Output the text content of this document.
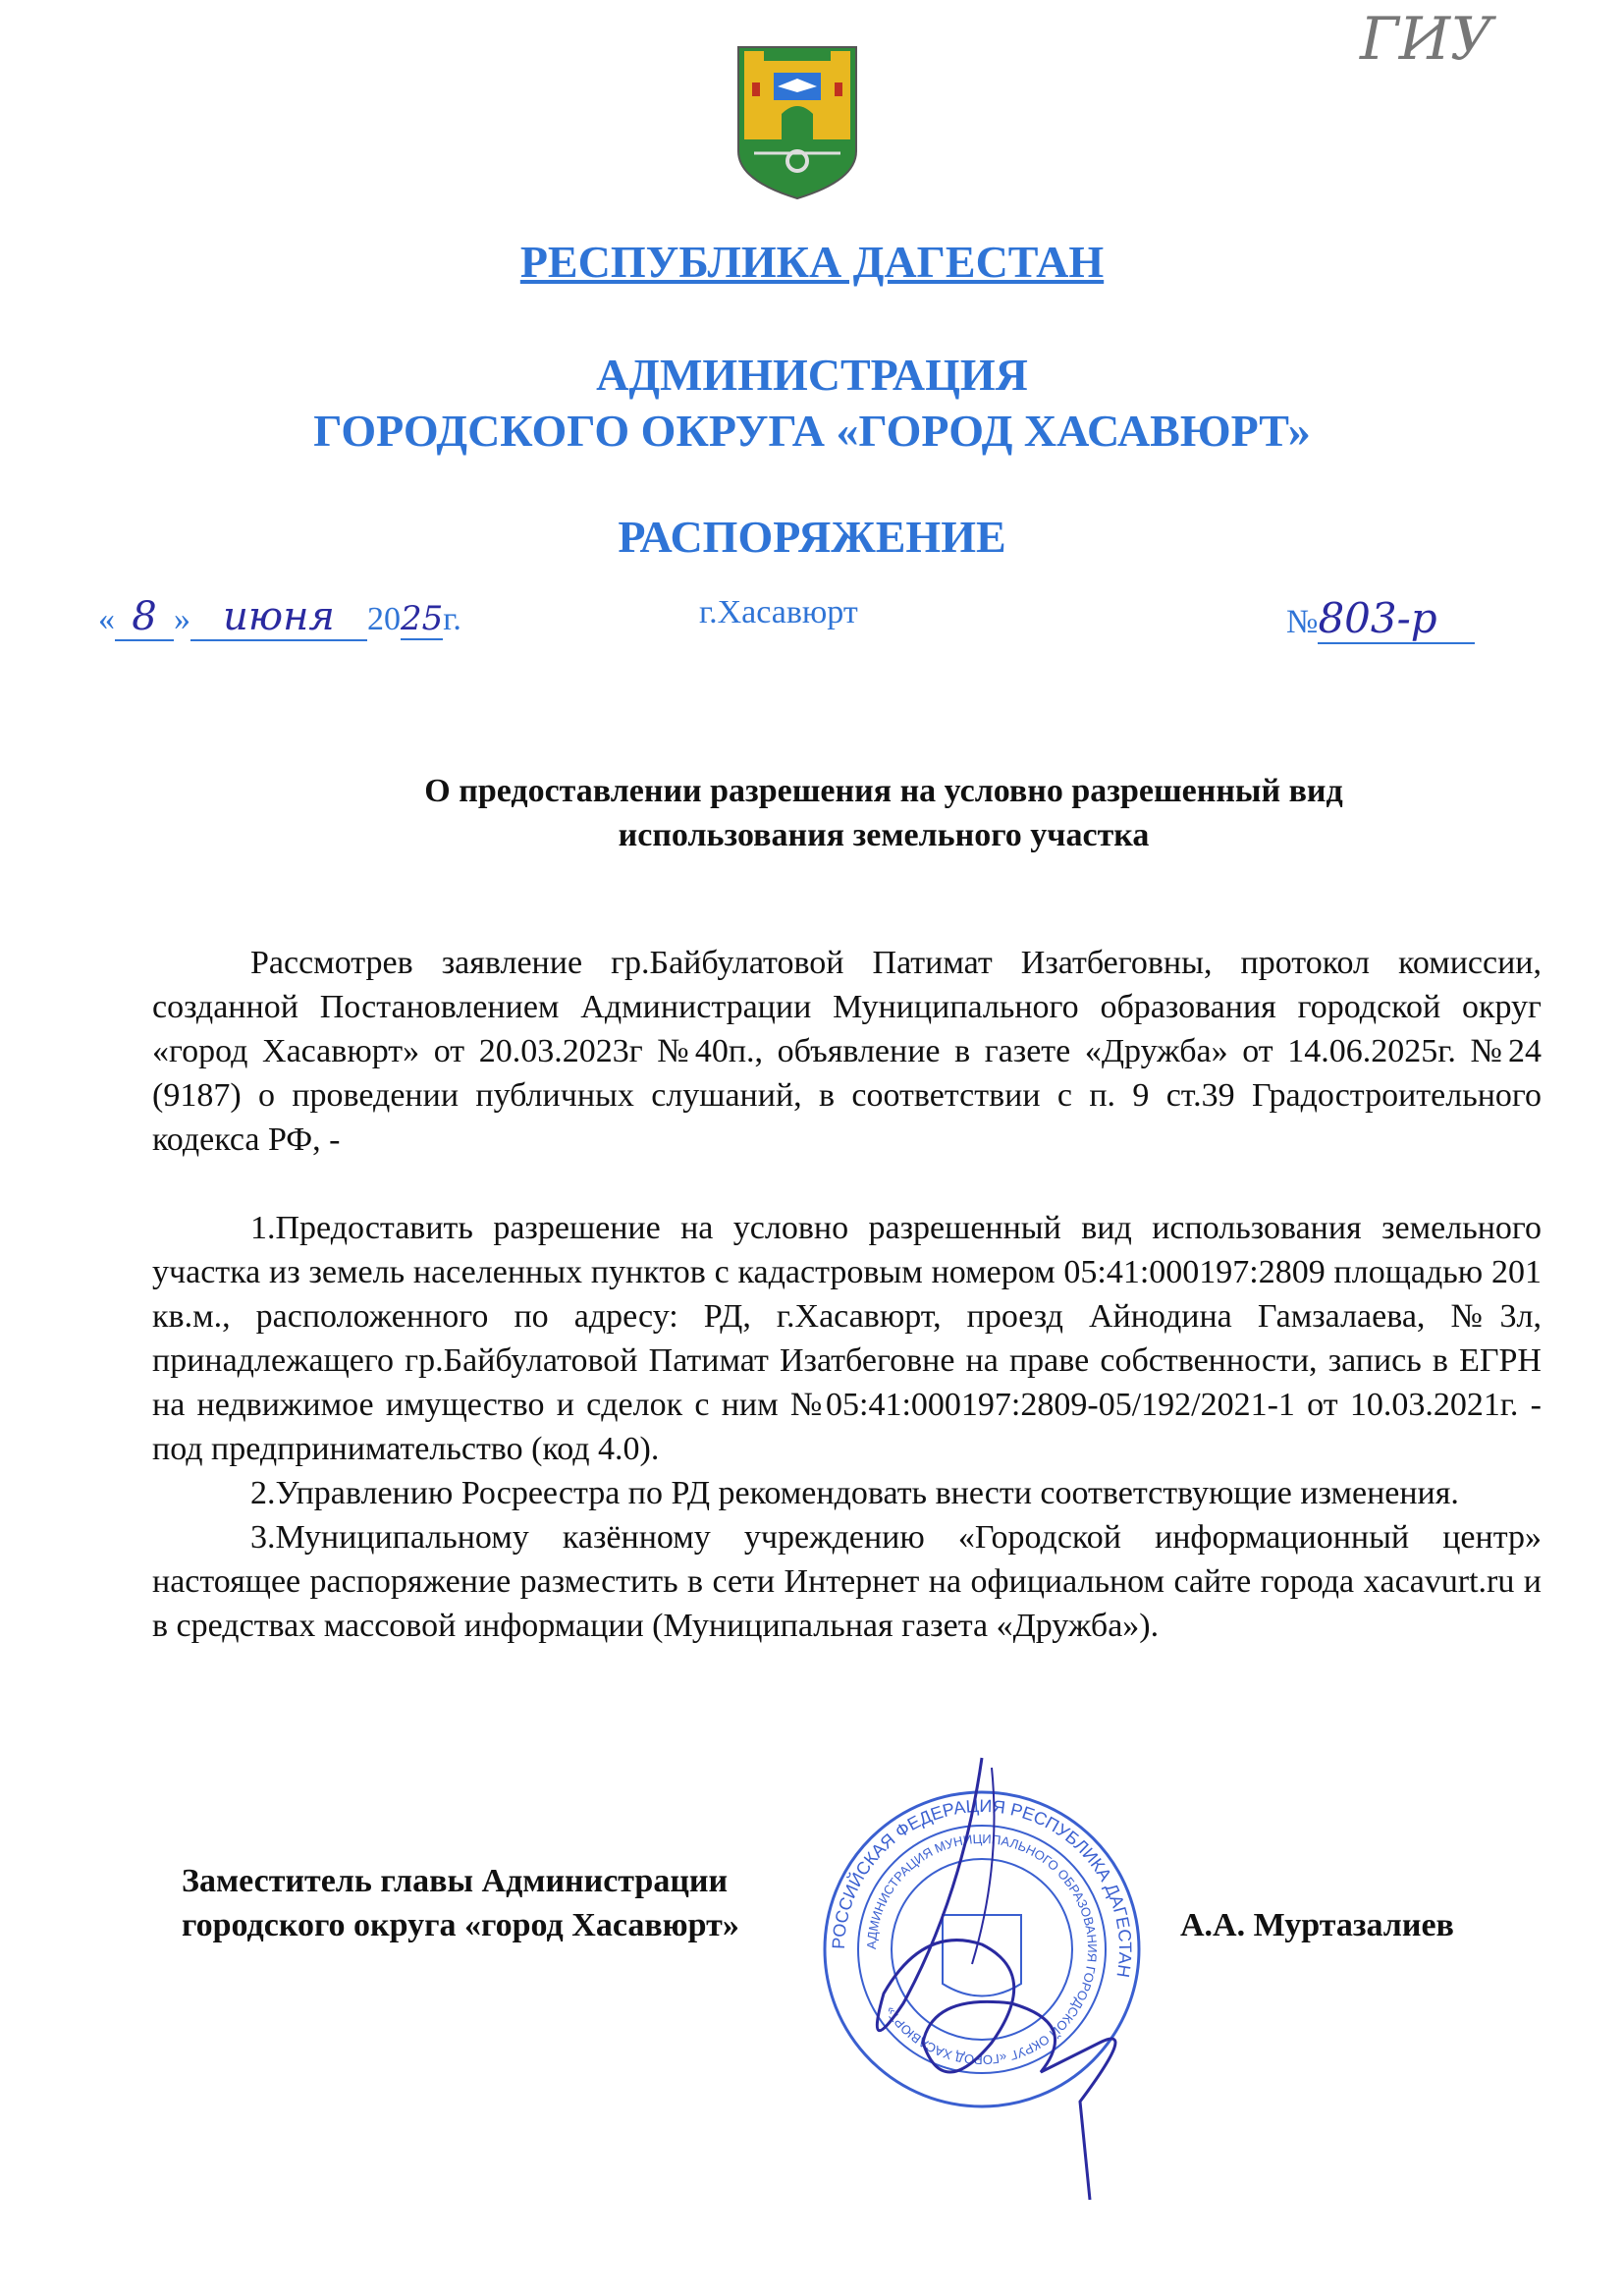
ГИУ
РЕСПУБЛИКА ДАГЕСТАН
АДМИНИСТРАЦИЯ
ГОРОДСКОГО ОКРУГА «ГОРОД ХАСАВЮРТ»
РАСПОРЯЖЕНИЕ
« 8 » июня 2025г.	г.Хасавюрт	№803-р
О предоставлении разрешения на условно разрешенный вид
использования земельного участка

Рассмотрев заявление гр.Байбулатовой Патимат Изатбеговны, протокол комиссии, созданной Постановлением Администрации Муниципального образования городской округ «город Хасавюрт» от 20.03.2023г №40п., объявление в газете «Дружба» от 14.06.2025г. №24 (9187) о проведении публичных слушаний, в соответствии с п. 9 ст.39 Градостроительного кодекса РФ, -

1.Предоставить разрешение на условно разрешенный вид использования земельного участка из земель населенных пунктов с кадастровым номером 05:41:000197:2809 площадью 201 кв.м., расположенного по адресу: РД, г.Хасавюрт, проезд Айнодина Гамзалаева, №3л, принадлежащего гр.Байбулатовой Патимат Изатбеговне на праве собственности, запись в ЕГРН на недвижимое имущество и сделок с ним №05:41:000197:2809-05/192/2021-1 от 10.03.2021г. - под предпринимательство (код 4.0).

2.Управлению Росреестра по РД рекомендовать внести соответствующие изменения.

3.Муниципальному казённому учреждению «Городской информационный центр» настоящее распоряжение разместить в сети Интернет на официальном сайте города xacavurt.ru и в средствах массовой информации (Муниципальная газета «Дружба»).

РОССИЙСКАЯ ФЕДЕРАЦИЯ РЕСПУБЛИКА ДАГЕСТАН
АДМИНИСТРАЦИЯ МУНИЦИПАЛЬНОГО ОБРАЗОВАНИЯ ГОРОДСКОЙ ОКРУГ «ГОРОД ХАСАВЮРТ»
Заместитель главы Администрации
городского округа «город Хасавюрт»	А.А. Муртазалиев
